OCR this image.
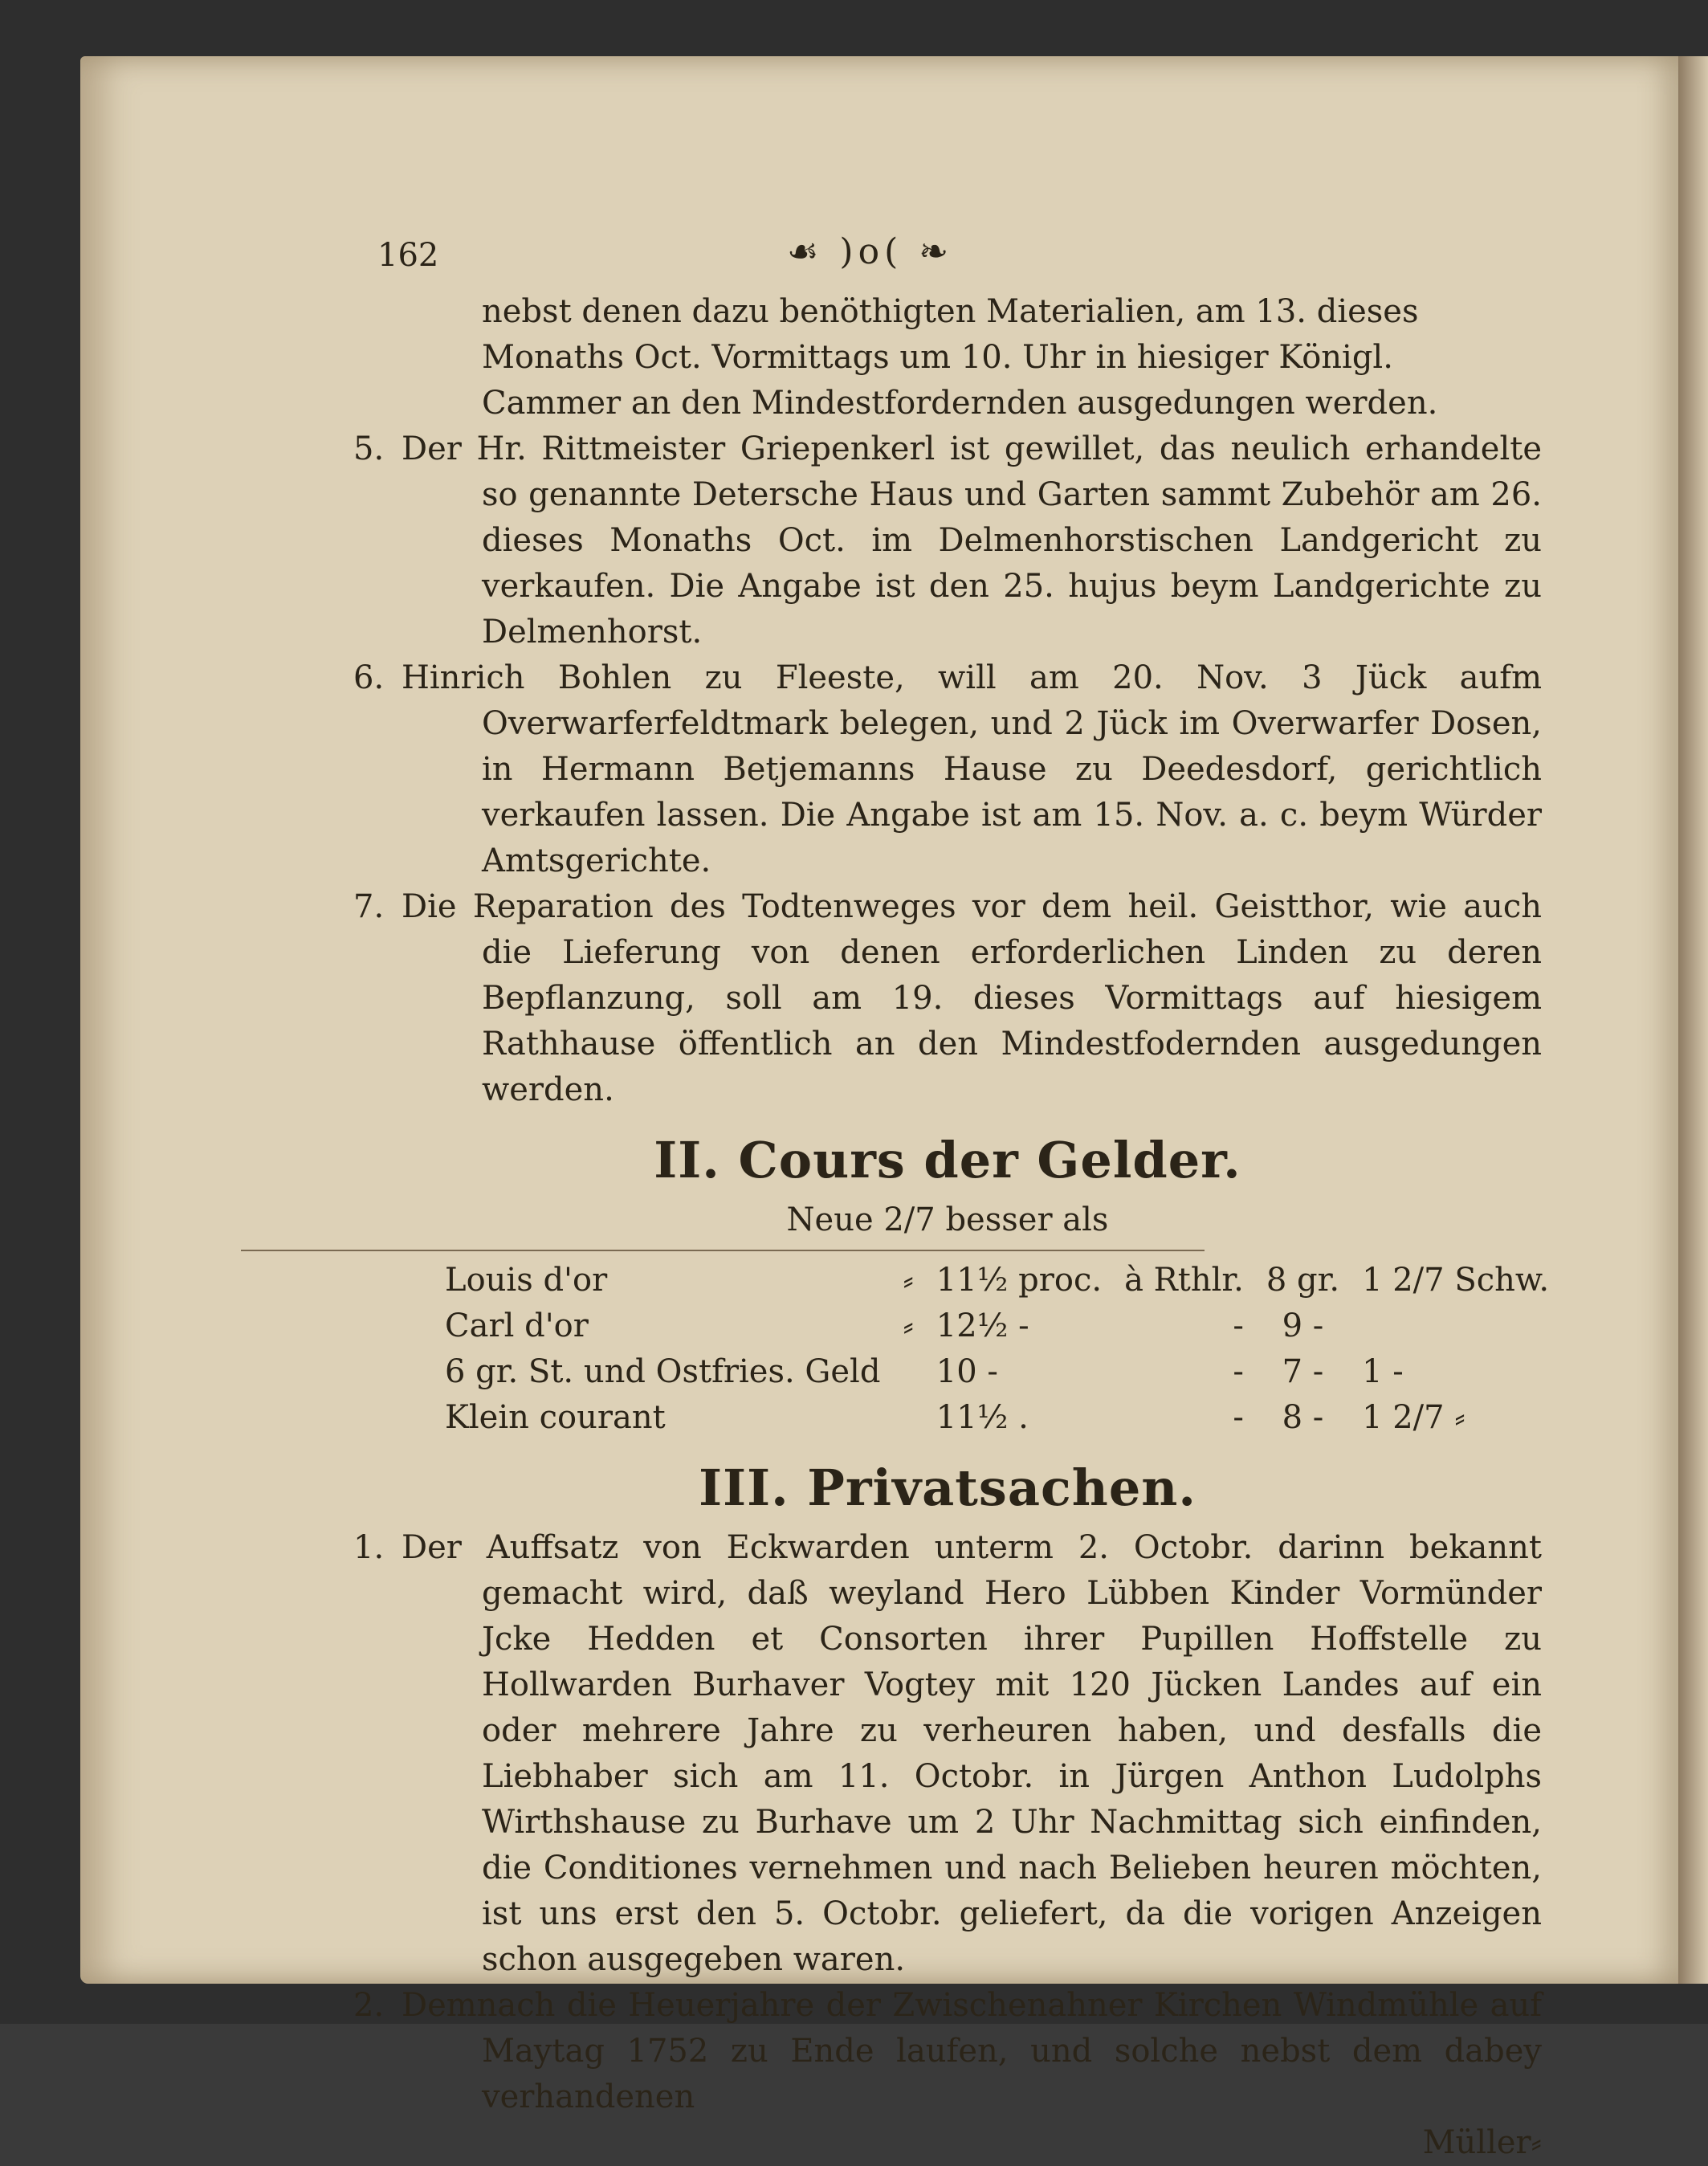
162	☙ )o( ❧
nebst denen dazu benöthigten Materialien, am 13. dieses Monaths Oct. Vormittags um 10. Uhr in hiesiger Königl. Cammer an den Mindestfordernden ausgedungen werden.
5. Der Hr. Rittmeister Griepenkerl ist gewillet, das neulich erhandelte so genannte Detersche Haus und Garten sammt Zubehör am 26. dieses Monaths Oct. im Delmenhorstischen Landgericht zu verkaufen. Die Angabe ist den 25. hujus beym Landgerichte zu Delmenhorst.
6. Hinrich Bohlen zu Fleeste, will am 20. Nov. 3 Jück aufm Overwarferfeldtmark belegen, und 2 Jück im Overwarfer Dosen, in Hermann Betjemanns Hause zu Deedesdorf, gerichtlich verkaufen lassen. Die Angabe ist am 15. Nov. a. c. beym Würder Amtsgerichte.
7. Die Reparation des Todtenweges vor dem heil. Geistthor, wie auch die Lieferung von denen erforderlichen Linden zu deren Bepflanzung, soll am 19. dieses Vormittags auf hiesigem Rathhause öffentlich an den Mindestfodernden ausgedungen werden.
II. Cours der Gelder.
Neue 2/7 besser als
Louis d'or	⸗	11½ proc.	à Rthlr.	8 gr.	1 2/7 Schw.
Carl d'or	⸗	12½ -	-	9 -	
6 gr. St. und Ostfries. Geld		10 -	-	7 -	1 -
Klein courant		11½ .	-	8 -	1 2/7 ⸗
III. Privatsachen.
1. Der Auffsatz von Eckwarden unterm 2. Octobr. darinn bekannt gemacht wird, daß weyland Hero Lübben Kinder Vormünder Jcke Hedden et Consorten ihrer Pupillen Hoffstelle zu Hollwarden Burhaver Vogtey mit 120 Jücken Landes auf ein oder mehrere Jahre zu verheuren haben, und desfalls die Liebhaber sich am 11. Octobr. in Jürgen Anthon Ludolphs Wirthshause zu Burhave um 2 Uhr Nachmittag sich einfinden, die Conditiones vernehmen und nach Belieben heuren möchten, ist uns erst den 5. Octobr. geliefert, da die vorigen Anzeigen schon ausgegeben waren.
2. Demnach die Heuerjahre der Zwischenahner Kirchen Windmühle auf Maytag 1752 zu Ende laufen, und solche nebst dem dabey verhandenen
Müller⸗
